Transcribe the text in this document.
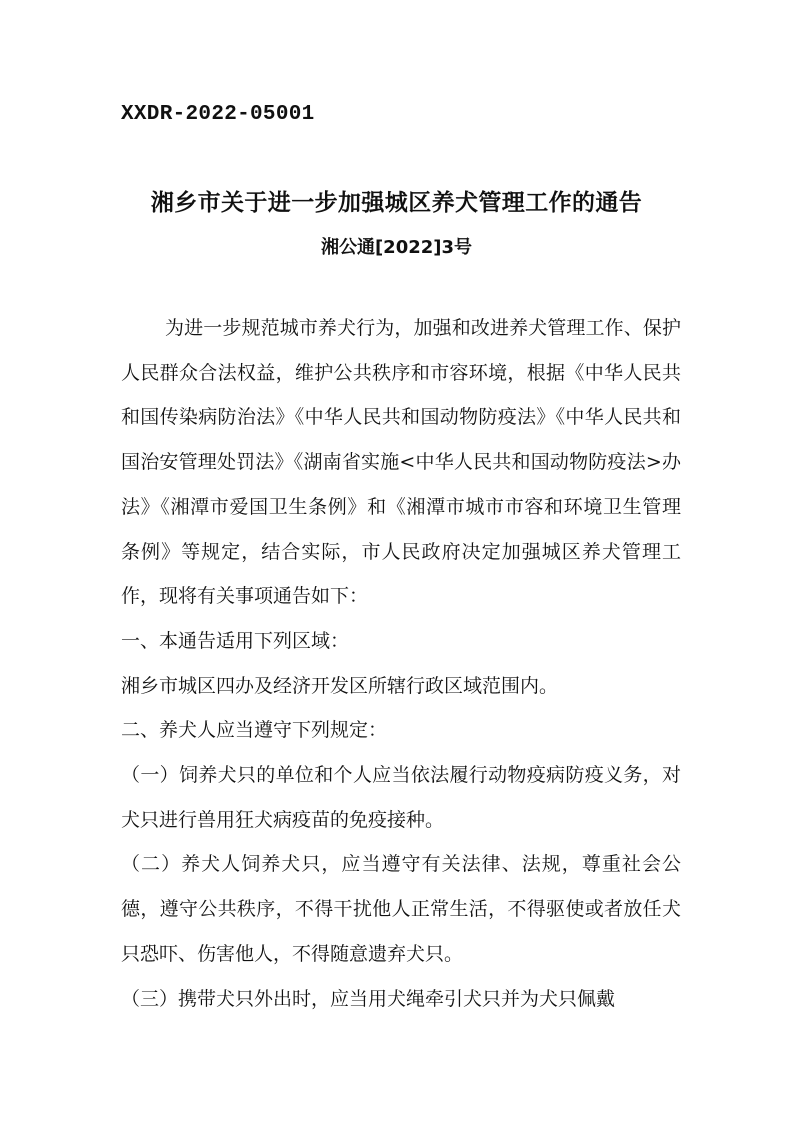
XXDR-2022-05001
湘乡市关于进一步加强城区养犬管理工作的通告
湘公通[2022]3号

为进一步规范城市养犬行为，加强和改进养犬管理工作、保护人民群众合法权益，维护公共秩序和市容环境，根据《中华人民共和国传染病防治法》《中华人民共和国动物防疫法》《中华人民共和国治安管理处罚法》《湖南省实施<中华人民共和国动物防疫法>办法》《湘潭市爱国卫生条例》和《湘潭市城市市容和环境卫生管理条例》等规定，结合实际，市人民政府决定加强城区养犬管理工作，现将有关事项通告如下：

一、本通告适用下列区域：

湘乡市城区四办及经济开发区所辖行政区域范围内。

二、养犬人应当遵守下列规定：

（一）饲养犬只的单位和个人应当依法履行动物疫病防疫义务，对犬只进行兽用狂犬病疫苗的免疫接种。

（二）养犬人饲养犬只，应当遵守有关法律、法规，尊重社会公德，遵守公共秩序，不得干扰他人正常生活，不得驱使或者放任犬只恐吓、伤害他人，不得随意遗弃犬只。

（三）携带犬只外出时，应当用犬绳牵引犬只并为犬只佩戴
